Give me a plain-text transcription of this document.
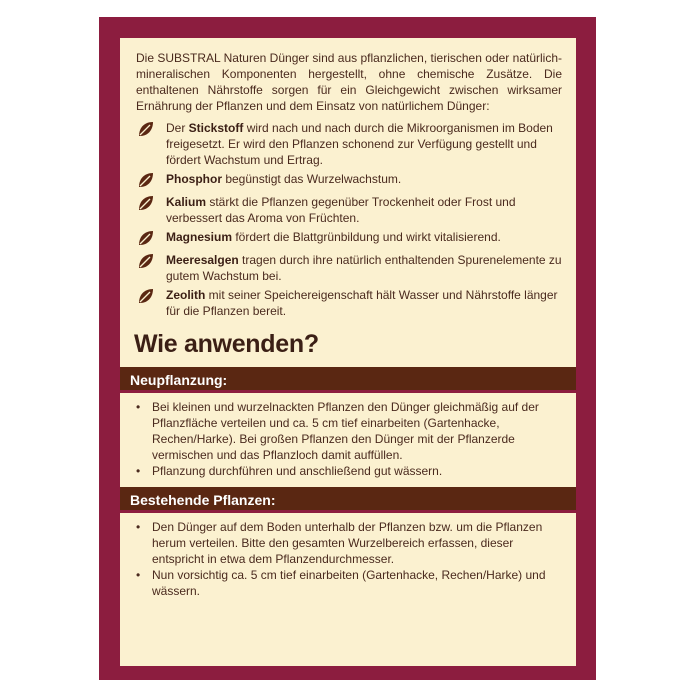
Die SUBSTRAL Naturen Dünger sind aus pflanzlichen, tierischen oder natürlich-mineralischen Komponenten hergestellt, ohne chemische Zusätze. Die enthaltenen Nährstoffe sorgen für ein Gleichgewicht zwischen wirksamer Ernährung der Pflanzen und dem Einsatz von natürlichem Dünger:

Der Stickstoff wird nach und nach durch die Mikroorganismen im Boden freigesetzt. Er wird den Pflanzen schonend zur Verfügung gestellt und fördert Wachstum und Ertrag.
Phosphor begünstigt das Wurzelwachstum.
Kalium stärkt die Pflanzen gegenüber Trockenheit oder Frost und verbessert das Aroma von Früchten.
Magnesium fördert die Blattgrünbildung und wirkt vitalisierend.
Meeresalgen tragen durch ihre natürlich enthaltenden Spurenelemente zu gutem Wachstum bei.
Zeolith mit seiner Speichereigenschaft hält Wasser und Nährstoffe länger für die Pflanzen bereit.
Wie anwenden?
Neupflanzung:
• Bei kleinen und wurzelnackten Pflanzen den Dünger gleichmäßig auf der Pflanzfläche verteilen und ca. 5 cm tief einarbeiten (Gartenhacke, Rechen/Harke). Bei großen Pflanzen den Dünger mit der Pflanzerde vermischen und das Pflanzloch damit auffüllen.
• Pflanzung durchführen und anschließend gut wässern.
Bestehende Pflanzen:
• Den Dünger auf dem Boden unterhalb der Pflanzen bzw. um die Pflanzen herum verteilen. Bitte den gesamten Wurzelbereich erfassen, dieser entspricht in etwa dem Pflanzendurchmesser.
• Nun vorsichtig ca. 5 cm tief einarbeiten (Gartenhacke, Rechen/Harke) und wässern.
